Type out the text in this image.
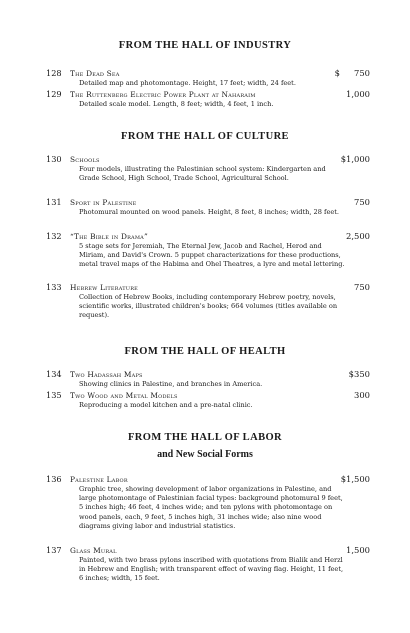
FROM THE HALL OF INDUSTRY
128 The Dead Sea	$ 750
Detailed map and photomontage. Height, 17 feet; width, 24 feet.
129 The Ruttenberg Electric Power Plant at Naharaim	1,000
Detailed scale model. Length, 8 feet; width, 4 feet, 1 inch.
FROM THE HALL OF CULTURE
130 Schools	$1,000
Four models, illustrating the Palestinian school system: Kindergarten and Grade School, High School, Trade School, Agricultural School.
131 Sport in Palestine	750
Photomural mounted on wood panels. Height, 8 feet, 8 inches; width, 28 feet.
132 “The Bible in Drama”	2,500
5 stage sets for Jeremiah, The Eternal Jew, Jacob and Rachel, Herod and Miriam, and David's Crown. 5 puppet characterizations for these productions, metal travel maps of the Habima and Ohel Theatres, a lyre and metal lettering.
133 Hebrew Literature	750
Collection of Hebrew Books, including contemporary Hebrew poetry, novels, scientific works, illustrated children's books; 664 volumes (titles available on request).
FROM THE HALL OF HEALTH
134 Two Hadassah Maps	$350
Showing clinics in Palestine, and branches in America.
135 Two Wood and Metal Models	300
Reproducing a model kitchen and a pre-natal clinic.
FROM THE HALL OF LABOR
and New Social Forms
136 Palestine Labor	$1,500
Graphic tree, showing development of labor organizations in Palestine, and large photomontage of Palestinian facial types: background photomural 9 feet, 5 inches high; 46 feet, 4 inches wide; and ten pylons with photomontage on wood panels, each, 9 feet, 5 inches high, 31 inches wide; also nine wood diagrams giving labor and industrial statistics.
137 Glass Mural	1,500
Painted, with two brass pylons inscribed with quotations from Bialik and Herzl in Hebrew and English; with transparent effect of waving flag. Height, 11 feet, 6 inches; width, 15 feet.
